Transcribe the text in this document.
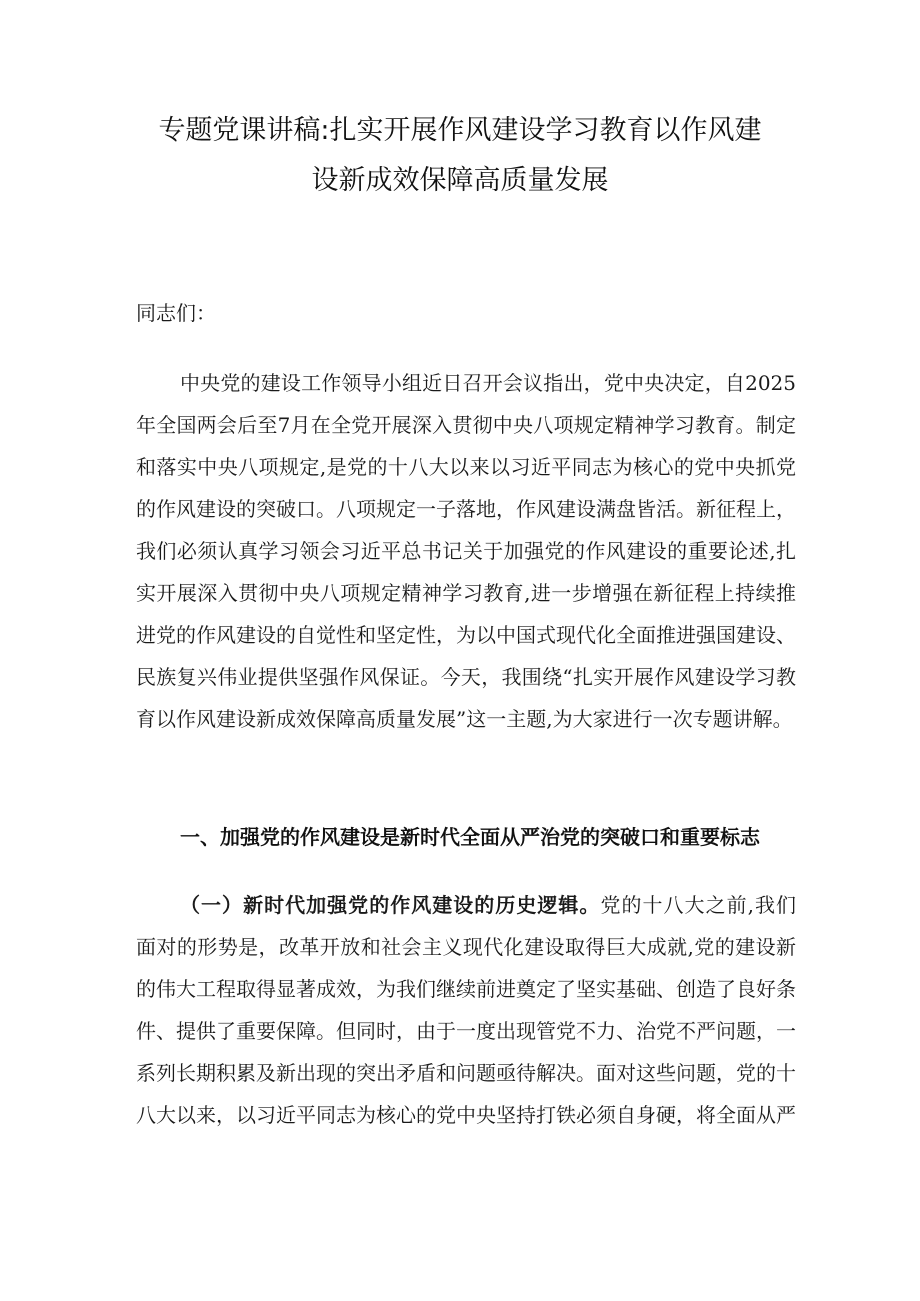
专题党课讲稿:扎实开展作风建设学习教育以作风建
设新成效保障高质量发展
同志们：
中央党的建设工作领导小组近日召开会议指出，党中央决定，自2025
年全国两会后至7月在全党开展深入贯彻中央八项规定精神学习教育。制定
和落实中央八项规定,是党的十八大以来以习近平同志为核心的党中央抓党
的作风建设的突破口。八项规定一子落地，作风建设满盘皆活。新征程上，
我们必须认真学习领会习近平总书记关于加强党的作风建设的重要论述,扎
实开展深入贯彻中央八项规定精神学习教育,进一步增强在新征程上持续推
进党的作风建设的自觉性和坚定性，为以中国式现代化全面推进强国建设、
民族复兴伟业提供坚强作风保证。今天，我围绕“扎实开展作风建设学习教
育以作风建设新成效保障高质量发展”这一主题,为大家进行一次专题讲解。
一、加强党的作风建设是新时代全面从严治党的突破口和重要标志
（一）新时代加强党的作风建设的历史逻辑。党的十八大之前,我们
面对的形势是，改革开放和社会主义现代化建设取得巨大成就,党的建设新
的伟大工程取得显著成效，为我们继续前进奠定了坚实基础、创造了良好条
件、提供了重要保障。但同时，由于一度出现管党不力、治党不严问题，一
系列长期积累及新出现的突出矛盾和问题亟待解决。面对这些问题，党的十
八大以来，以习近平同志为核心的党中央坚持打铁必须自身硬，将全面从严
